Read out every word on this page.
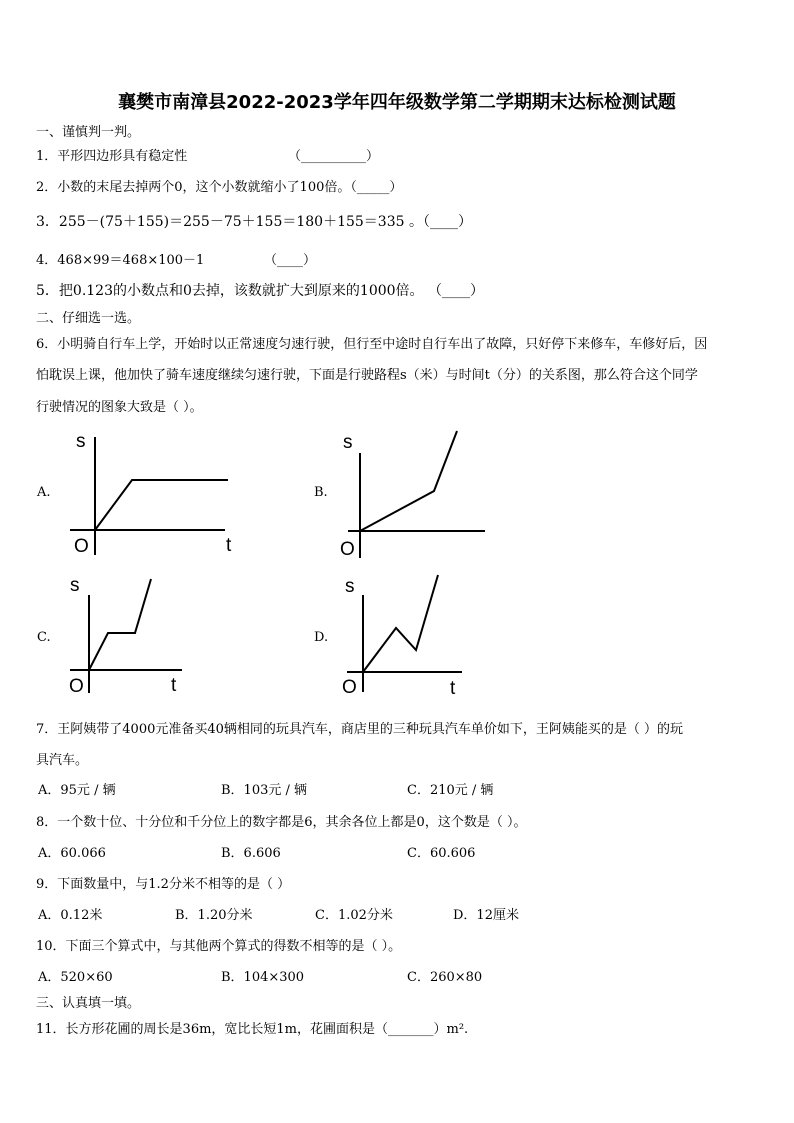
襄樊市南漳县2022-2023学年四年级数学第二学期期末达标检测试题
一、谨慎判一判。
1．平形四边形具有稳定性	（__________）
2．小数的末尾去掉两个0，这个小数就缩小了100倍。（_____）
3．255－(75＋155)＝255－75＋155＝180＋155＝335 。（____）
4．468×99＝468×100－1	（____）
5．把0.123的小数点和0去掉，该数就扩大到原来的1000倍。 （____）
二、仔细选一选。
6．小明骑自行车上学，开始时以正常速度匀速行驶，但行至中途时自行车出了故障，只好停下来修车，车修好后，因
怕耽误上课，他加快了骑车速度继续匀速行驶，下面是行驶路程s（米）与时间t（分）的关系图，那么符合这个同学
行驶情况的图象大致是（ ）。
A.
s
O	t
B.
s
O
C.
s
O	t
D.
s
O	t
7．王阿姨带了4000元准备买40辆相同的玩具汽车，商店里的三种玩具汽车单价如下，王阿姨能买的是（ ）的玩
具汽车。
A．95元 / 辆	B．103元 / 辆	C．210元 / 辆
8．一个数十位、十分位和千分位上的数字都是6，其余各位上都是0，这个数是（ ）。
A．60.066	B．6.606	C．60.606
9．下面数量中，与1.2分米不相等的是（ ）
A．0.12米	B．1.20分米	C．1.02分米	D．12厘米
10．下面三个算式中，与其他两个算式的得数不相等的是（ ）。
A．520×60	B．104×300	C．260×80
三、认真填一填。
11．长方形花圃的周长是36m，宽比长短1m，花圃面积是（_______）m².
